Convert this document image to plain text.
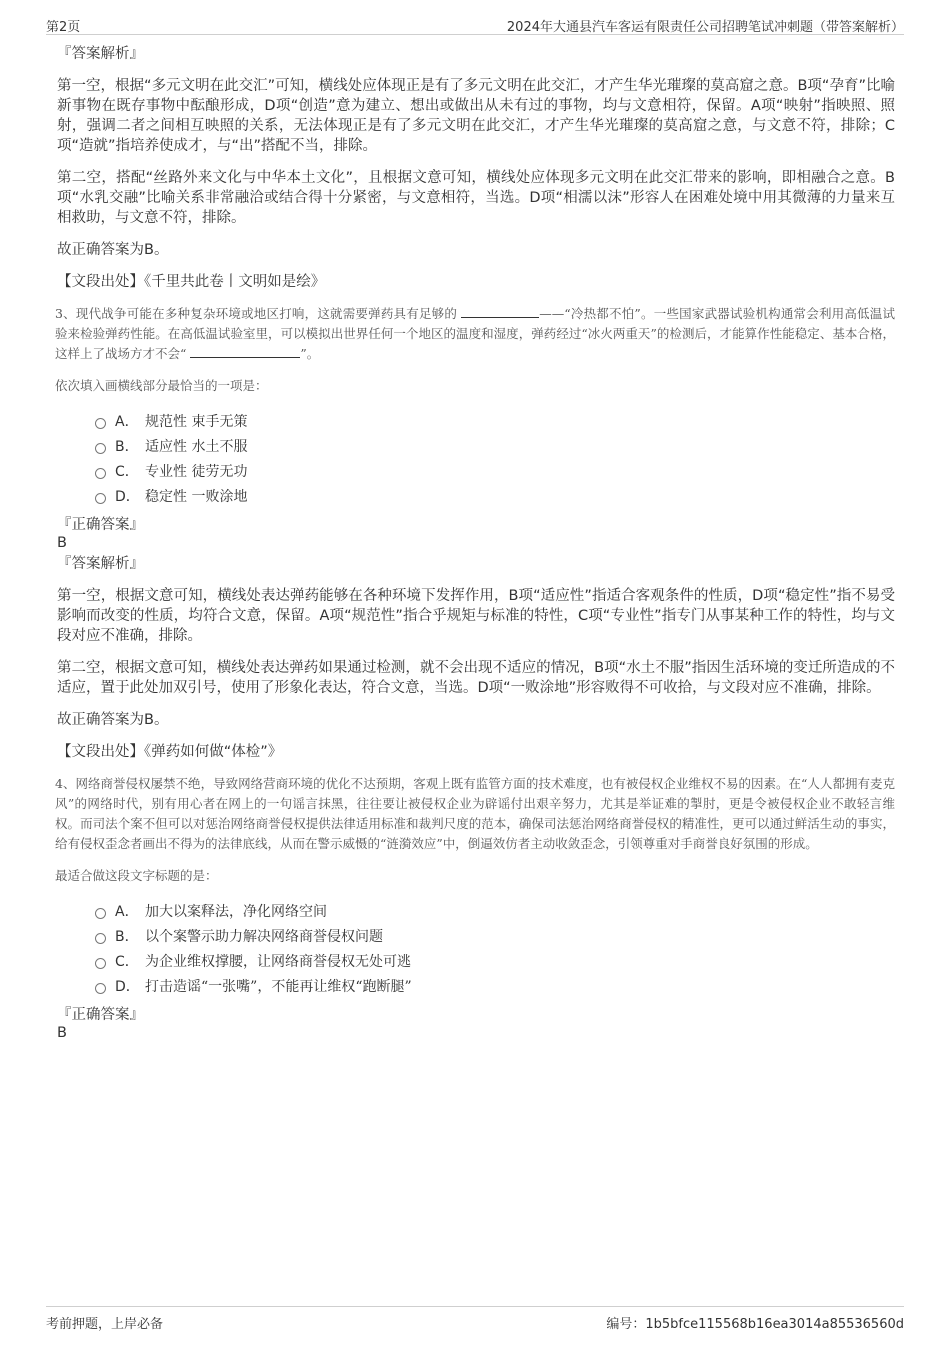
第2页	2024年大通县汽车客运有限责任公司招聘笔试冲刺题（带答案解析）
『答案解析』
第一空，根据“多元文明在此交汇”可知，横线处应体现正是有了多元文明在此交汇，才产生华光璀璨的莫高窟之意。B项“孕育”比喻新事物在既存事物中酝酿形成，D项“创造”意为建立、想出或做出从未有过的事物，均与文意相符，保留。A项“映射”指映照、照射，强调二者之间相互映照的关系，无法体现正是有了多元文明在此交汇，才产生华光璀璨的莫高窟之意，与文意不符，排除；C项“造就”指培养使成才，与“出”搭配不当，排除。
第二空，搭配“丝路外来文化与中华本土文化”，且根据文意可知，横线处应体现多元文明在此交汇带来的影响，即相融合之意。B项“水乳交融”比喻关系非常融洽或结合得十分紧密，与文意相符，当选。D项“相濡以沫”形容人在困难处境中用其微薄的力量来互相救助，与文意不符，排除。
故正确答案为B。
【文段出处】《千里共此卷丨文明如是绘》
3、现代战争可能在多种复杂环境或地区打响，这就需要弹药具有足够的	——“冷热都不怕”。一些国家武器试验机构通常会利用高低温试验来检验弹药性能。在高低温试验室里，可以模拟出世界任何一个地区的温度和湿度，弹药经过“冰火两重天”的检测后，才能算作性能稳定、基本合格，这样上了战场方才不会“	”。
依次填入画横线部分最恰当的一项是：
A． 规范性 束手无策
B． 适应性 水土不服
C． 专业性 徒劳无功
D． 稳定性 一败涂地
『正确答案』
B
『答案解析』
第一空，根据文意可知，横线处表达弹药能够在各种环境下发挥作用，B项“适应性”指适合客观条件的性质，D项“稳定性”指不易受影响而改变的性质，均符合文意，保留。A项“规范性”指合乎规矩与标准的特性，C项“专业性”指专门从事某种工作的特性，均与文段对应不准确，排除。
第二空，根据文意可知，横线处表达弹药如果通过检测，就不会出现不适应的情况，B项“水土不服”指因生活环境的变迁所造成的不适应，置于此处加双引号，使用了形象化表达，符合文意，当选。D项“一败涂地”形容败得不可收拾，与文段对应不准确，排除。
故正确答案为B。
【文段出处】《弹药如何做“体检”》
4、网络商誉侵权屡禁不绝，导致网络营商环境的优化不达预期，客观上既有监管方面的技术难度，也有被侵权企业维权不易的因素。在“人人都拥有麦克风”的网络时代，别有用心者在网上的一句谣言抹黑，往往要让被侵权企业为辟谣付出艰辛努力，尤其是举证难的掣肘，更是令被侵权企业不敢轻言维权。而司法个案不但可以对惩治网络商誉侵权提供法律适用标准和裁判尺度的范本，确保司法惩治网络商誉侵权的精准性，更可以通过鲜活生动的事实，给有侵权歪念者画出不得为的法律底线，从而在警示威慑的“涟漪效应”中，倒逼效仿者主动收敛歪念，引领尊重对手商誉良好氛围的形成。
最适合做这段文字标题的是：
A． 加大以案释法，净化网络空间
B． 以个案警示助力解决网络商誉侵权问题
C． 为企业维权撑腰，让网络商誉侵权无处可逃
D． 打击造谣“一张嘴”，不能再让维权“跑断腿”
『正确答案』
B
考前押题，上岸必备	编号：1b5bfce115568b16ea3014a85536560d
